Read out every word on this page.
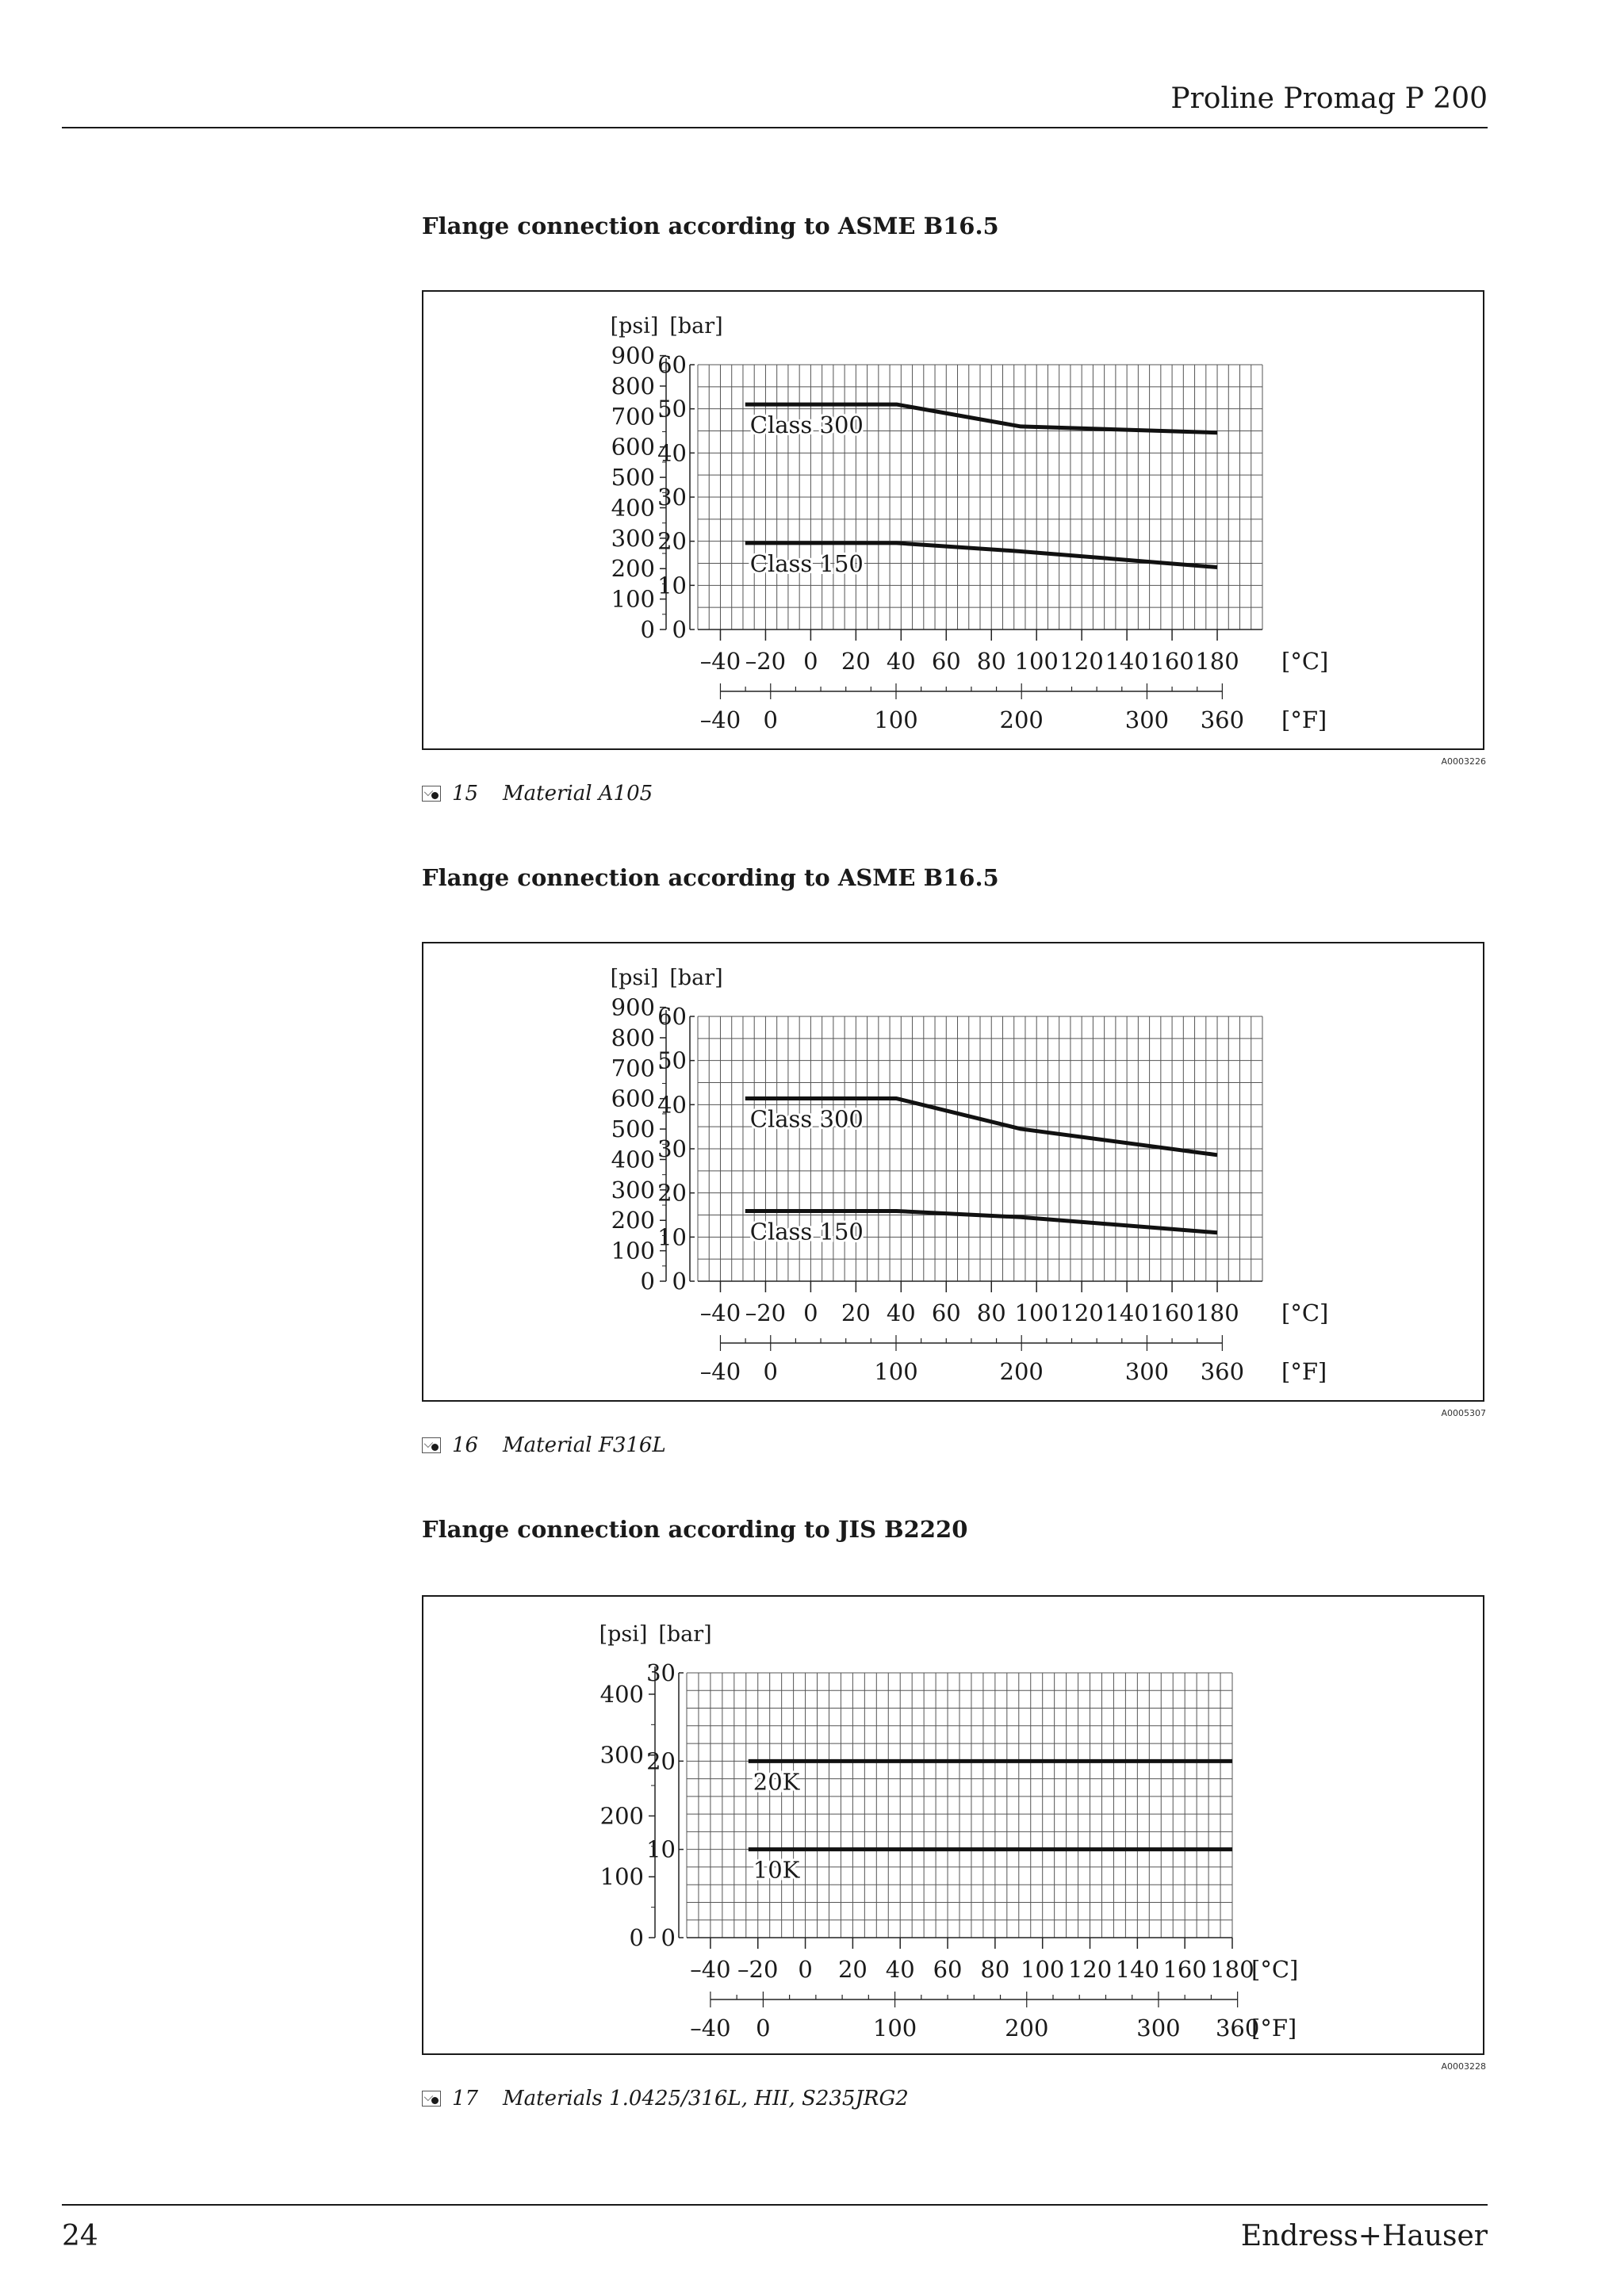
Proline Promag P 200
Flange connection according to ASME B16.5
0
10
20
30
40
50
60
0
100
200
300
400
500
600
700
800
900
[psi] [bar]
–40 –20 0 20 40 60 80 100 120 140 160 180 [°C]
–40 0	100	200	300 360 [°F]
Class 300
Class 150
A0003226
15 Material A105
Flange connection according to ASME B16.5
0
10
20
30
40
50
60
0
100
200
300
400
500
600
700
800
900
[psi] [bar]
–40 –20 0 20 40 60 80 100 120 140 160 180 [°C]
–40 0	100	200	300 360 [°F]
Class 300
Class 150
A0005307
16 Material F316L
Flange connection according to JIS B2220
0
10
20
30
0
100
200
300
400
[psi] [bar]
–40 –20 0 20 40 60 80 100 120 140 160 180
[°C]
–40 0	100	200	300 360
[°F]
20K
10K
A0003228
17 Materials 1.0425/316L, HII, S235JRG2
24	Endress+Hauser
